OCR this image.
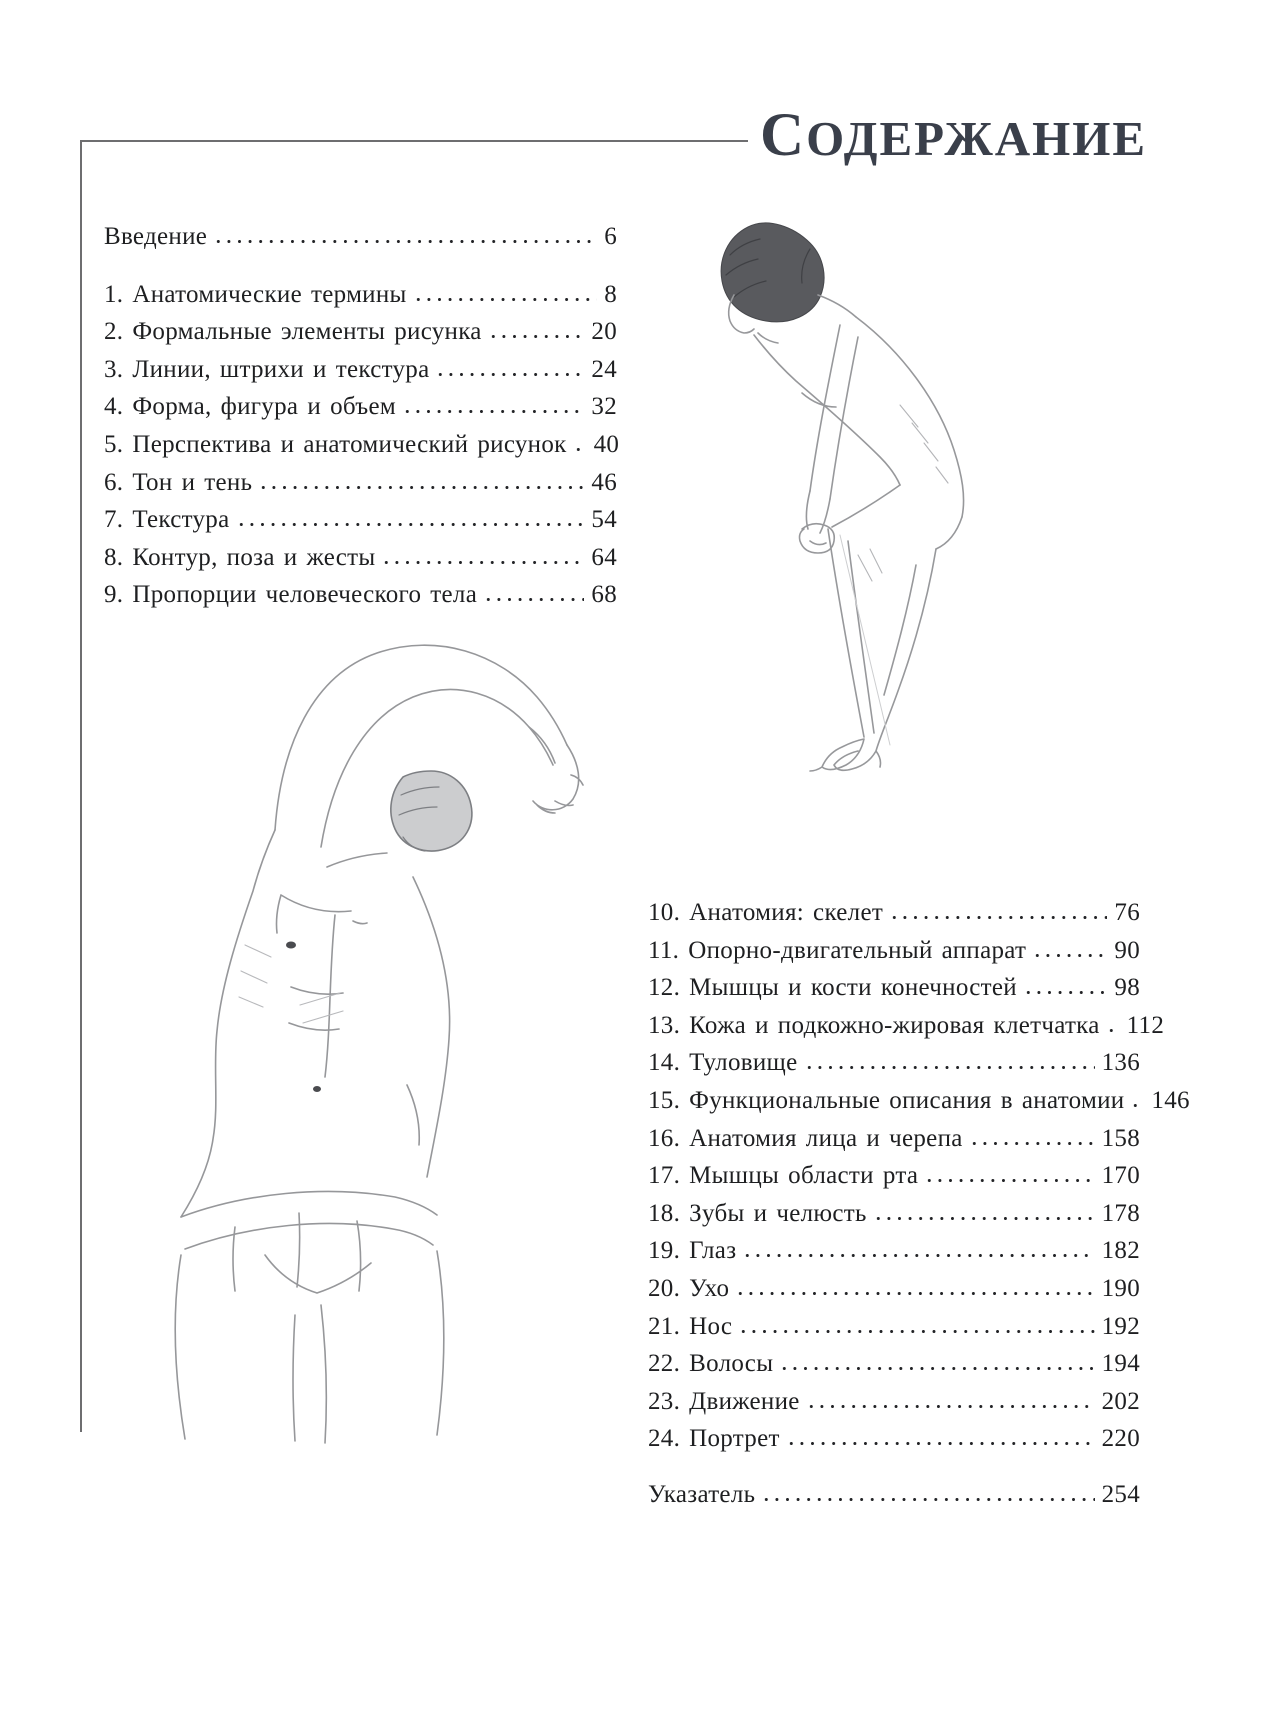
СОДЕРЖАНИЕ
Введение	6
1. Анатомические термины	8
2. Формальные элементы рисунка	20
3. Линии, штрихи и текстура	24
4. Форма, фигура и объем	32
5. Перспектива и анатомический рисунок 40
6. Тон и тень	46
7. Текстура	54
8. Контур, поза и жесты	64
9. Пропорции человеческого тела	68
10. Анатомия: скелет	76
11. Опорно-двигательный аппарат	90
12. Мышцы и кости конечностей	98
13. Кожа и подкожно-жировая клетчатка 112
14. Туловище	136
15. Функциональные описания в анатомии 146
16. Анатомия лица и черепа	158
17. Мышцы области рта	170
18. Зубы и челюсть	178
19. Глаз	182
20. Ухо	190
21. Нос	192
22. Волосы	194
23. Движение	202
24. Портрет	220
Указатель	254
